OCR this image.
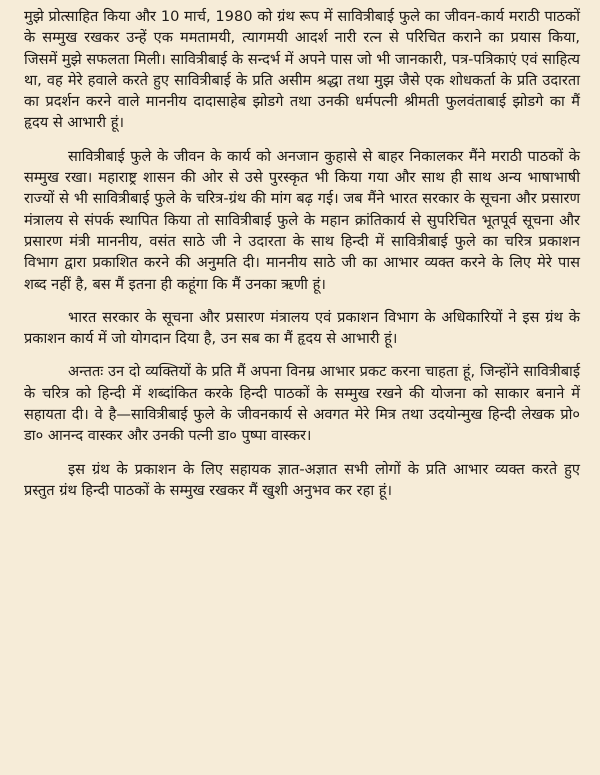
मुझे प्रोत्साहित किया और 10 मार्च, 1980 को ग्रंथ रूप में सावित्रीबाई फुले का जीवन-कार्य मराठी पाठकों के सम्मुख रखकर उन्हें एक ममतामयी, त्यागमयी आदर्श नारी रत्न से परिचित कराने का प्रयास किया, जिसमें मुझे सफलता मिली। सावित्रीबाई के सन्दर्भ में अपने पास जो भी जानकारी, पत्र-पत्रिकाएं एवं साहित्य था, वह मेरे हवाले करते हुए सावित्रीबाई के प्रति असीम श्रद्धा तथा मुझ जैसे एक शोधकर्ता के प्रति उदारता का प्रदर्शन करने वाले माननीय दादासाहेब झोडगे तथा उनकी धर्मपत्नी श्रीमती फुलवंताबाई झोडगे का मैं हृदय से आभारी हूं।

सावित्रीबाई फुले के जीवन के कार्य को अनजान कुहासे से बाहर निकालकर मैंने मराठी पाठकों के सम्मुख रखा। महाराष्ट्र शासन की ओर से उसे पुरस्कृत भी किया गया और साथ ही साथ अन्य भाषाभाषी राज्यों से भी सावित्रीबाई फुले के चरित्र-ग्रंथ की मांग बढ़ गई। जब मैंने भारत सरकार के सूचना और प्रसारण मंत्रालय से संपर्क स्थापित किया तो सावित्रीबाई फुले के महान क्रांतिकार्य से सुपरिचित भूतपूर्व सूचना और प्रसारण मंत्री माननीय, वसंत साठे जी ने उदारता के साथ हिन्दी में सावित्रीबाई फुले का चरित्र प्रकाशन विभाग द्वारा प्रकाशित करने की अनुमति दी। माननीय साठे जी का आभार व्यक्त करने के लिए मेरे पास शब्द नहीं है, बस मैं इतना ही कहूंगा कि मैं उनका ऋणी हूं।

भारत सरकार के सूचना और प्रसारण मंत्रालय एवं प्रकाशन विभाग के अधिकारियों ने इस ग्रंथ के प्रकाशन कार्य में जो योगदान दिया है, उन सब का मैं हृदय से आभारी हूं।

अन्ततः उन दो व्यक्तियों के प्रति मैं अपना विनम्र आभार प्रकट करना चाहता हूं, जिन्होंने सावित्रीबाई के चरित्र को हिन्दी में शब्दांकित करके हिन्दी पाठकों के सम्मुख रखने की योजना को साकार बनाने में सहायता दी। वे है—सावित्रीबाई फुले के जीवनकार्य से अवगत मेरे मित्र तथा उदयोन्मुख हिन्दी लेखक प्रो० डा० आनन्द वास्कर और उनकी पत्नी डा० पुष्पा वास्कर।

इस ग्रंथ के प्रकाशन के लिए सहायक ज्ञात-अज्ञात सभी लोगों के प्रति आभार व्यक्त करते हुए प्रस्तुत ग्रंथ हिन्दी पाठकों के सम्मुख रखकर मैं खुशी अनुभव कर रहा हूं।
